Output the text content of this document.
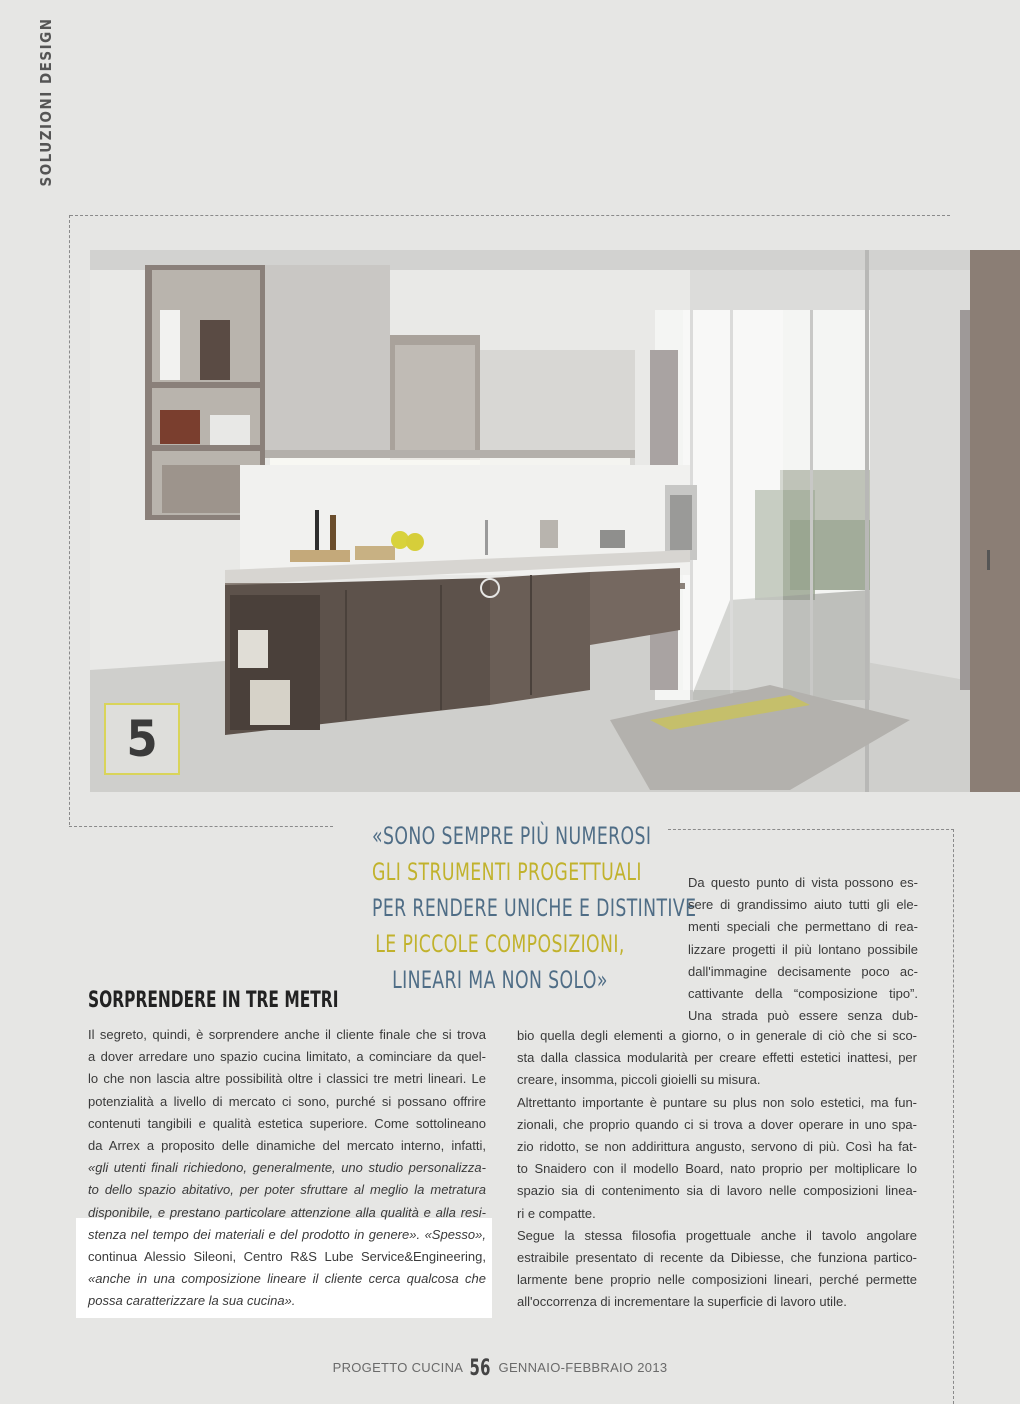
SOLUZIONI DESIGN
5
«SONO SEMPRE PIÙ NUMEROSI
GLI STRUMENTI PROGETTUALI
PER RENDERE UNICHE E DISTINTIVE
LE PICCOLE COMPOSIZIONI,
LINEARI MA NON SOLO»
SORPRENDERE IN TRE METRI
Il segreto, quindi, è sorprendere anche il cliente finale che si trova
a dover arredare uno spazio cucina limitato, a cominciare da quel-
lo che non lascia altre possibilità oltre i classici tre metri lineari. Le
potenzialità a livello di mercato ci sono, purché si possano offrire
contenuti tangibili e qualità estetica superiore. Come sottolineano
da Arrex a proposito delle dinamiche del mercato interno, infatti,
«gli utenti finali richiedono, generalmente, uno studio personalizza-
to dello spazio abitativo, per poter sfruttare al meglio la metratura
disponibile, e prestano particolare attenzione alla qualità e alla resi-
stenza nel tempo dei materiali e del prodotto in genere». «Spesso»,
continua Alessio Sileoni, Centro R&S Lube Service&Engineering,
«anche in una composizione lineare il cliente cerca qualcosa che
possa caratterizzare la sua cucina».
Da questo punto di vista possono es-
sere di grandissimo aiuto tutti gli ele-
menti speciali che permettano di rea-
lizzare progetti il più lontano possibile
dall'immagine decisamente poco ac-
cattivante della “composizione tipo”.
Una strada può essere senza dub-
bio quella degli elementi a giorno, o in generale di ciò che si sco-
sta dalla classica modularità per creare effetti estetici inattesi, per
creare, insomma, piccoli gioielli su misura.
Altrettanto importante è puntare su plus non solo estetici, ma fun-
zionali, che proprio quando ci si trova a dover operare in uno spa-
zio ridotto, se non addirittura angusto, servono di più. Così ha fat-
to Snaidero con il modello Board, nato proprio per moltiplicare lo
spazio sia di contenimento sia di lavoro nelle composizioni linea-
ri e compatte.
Segue la stessa filosofia progettuale anche il tavolo angolare
estraibile presentato di recente da Dibiesse, che funziona partico-
larmente bene proprio nelle composizioni lineari, perché permette
all'occorrenza di incrementare la superficie di lavoro utile.
PROGETTO CUCINA 56 GENNAIO-FEBBRAIO 2013
